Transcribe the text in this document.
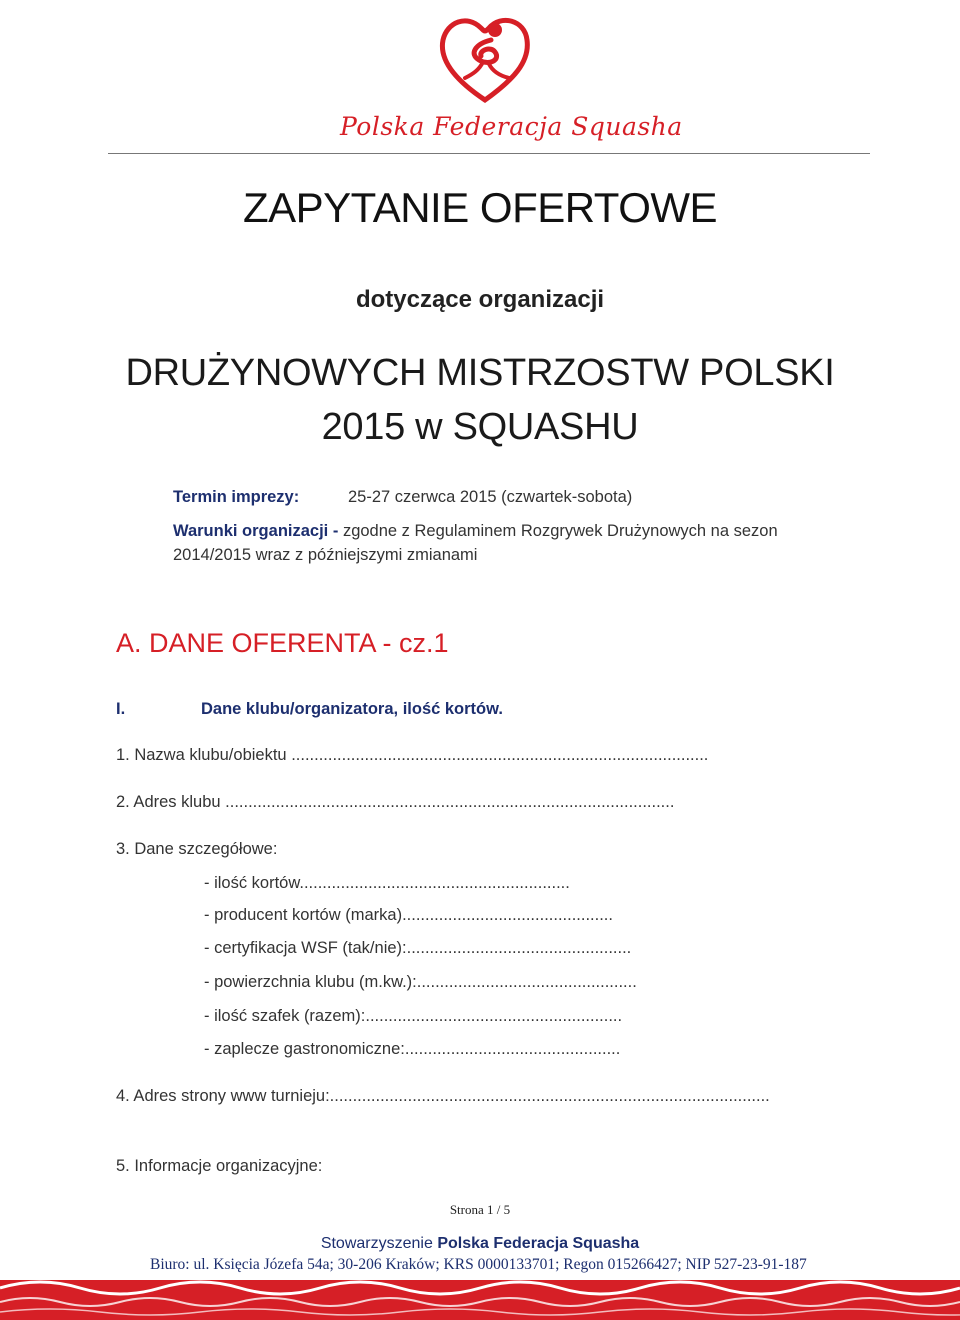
Polska Federacja Squasha
ZAPYTANIE OFERTOWE
dotyczące organizacji
DRUŻYNOWYCH MISTRZOSTW POLSKI
2015 w SQUASHU
Termin imprezy:	25-27 czerwca 2015 (czwartek-sobota)
Warunki organizacji - zgodne z Regulaminem Rozgrywek Drużynowych na sezon
2014/2015 wraz z późniejszymi zmianami
A. DANE OFERENTA - cz.1
I.	Dane klubu/organizatora, ilość kortów.
1. Nazwa klubu/obiektu ...........................................................................................
2. Adres klubu ..................................................................................................
3. Dane szczegółowe:
- ilość kortów...........................................................
- producent kortów (marka)..............................................
- certyfikacja WSF (tak/nie):.................................................
- powierzchnia klubu (m.kw.):................................................
- ilość szafek (razem):........................................................
- zaplecze gastronomiczne:...............................................
4. Adres strony www turnieju:................................................................................................
5. Informacje organizacyjne:
Strona 1 / 5
Stowarzyszenie Polska Federacja Squasha
Biuro: ul. Księcia Józefa 54a; 30-206 Kraków; KRS 0000133701; Regon 015266427; NIP 527-23-91-187
